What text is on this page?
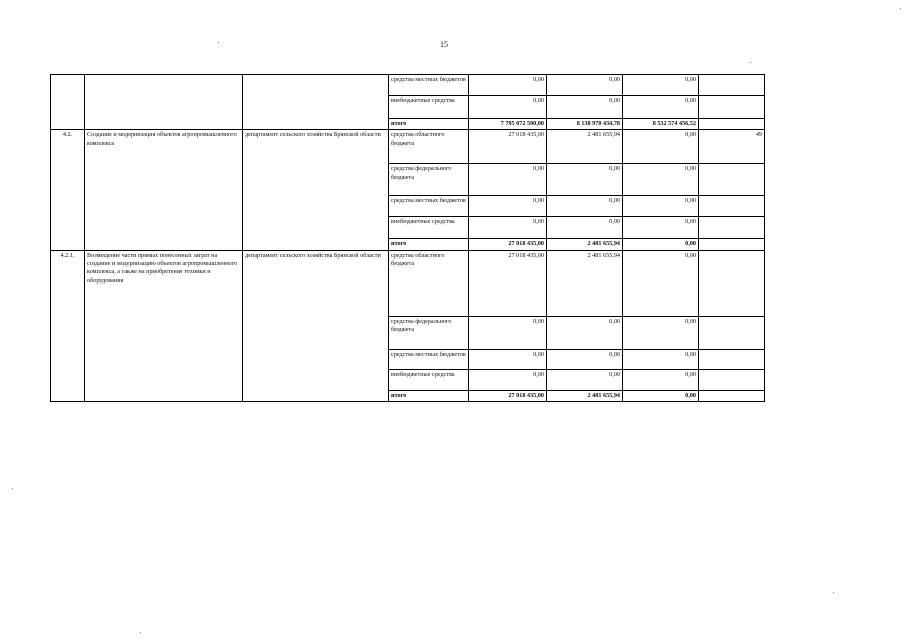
15
			средства местных бюджетов	0,00	0,00	0,00	
			внебюджетные средства	0,00	0,00	0,00	
			итого	7 795 072 500,00	8 138 970 434,78	8 532 574 456,52	
4.2.	Создание и модернизация объектов агропромышленного комплекса	департамент сельского хозяйства Брянской области	средства областного бюджета	27 018 435,00	2 481 655,94	0,00	49
			средства федерального бюджета	0,00	0,00	0,00	
			средства местных бюджетов	0,00	0,00	0,00	
			внебюджетные средства	0,00	0,00	0,00	
			итого	27 018 435,00	2 481 655,94	0,00	
4.2.1.	Возмещение части прямых понесенных затрат на создание и модернизацию объектов агропромышленного комплекса, а также на приобретение техники и оборудования	департамент сельского хозяйства Брянской области	средства областного бюджета	27 018 435,00	2 481 655,94	0,00	
			средства федерального бюджета	0,00	0,00	0,00	
			средства местных бюджетов	0,00	0,00	0,00	
			внебюджетные средства	0,00	0,00	0,00	
			итого	27 018 435,00	2 481 655,94	0,00	
